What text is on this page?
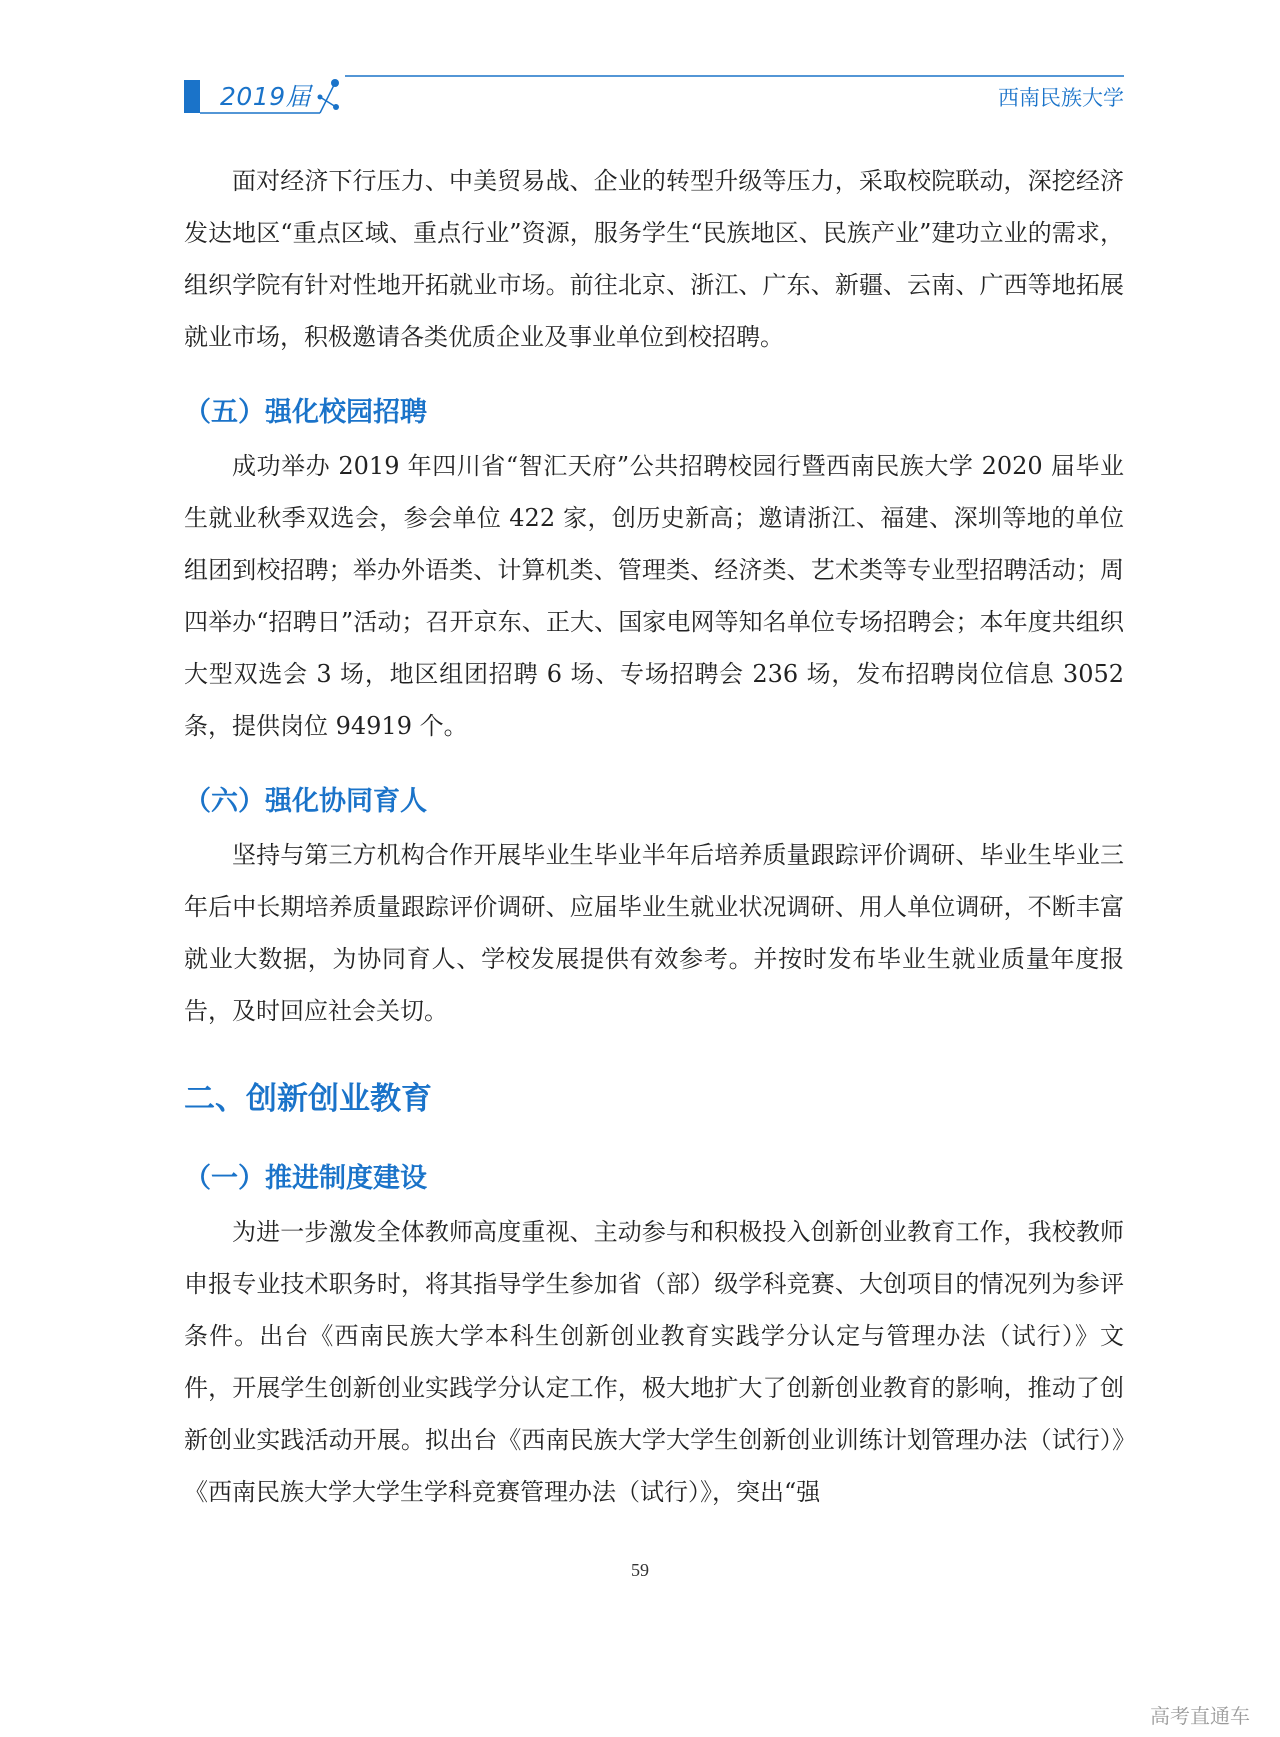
2019届	西南民族大学

面对经济下行压力、中美贸易战、企业的转型升级等压力，采取校院联动，深挖经济发达地区“重点区域、重点行业”资源，服务学生“民族地区、民族产业”建功立业的需求，组织学院有针对性地开拓就业市场。前往北京、浙江、广东、新疆、云南、广西等地拓展就业市场，积极邀请各类优质企业及事业单位到校招聘。

（五）强化校园招聘

成功举办 2019 年四川省“智汇天府”公共招聘校园行暨西南民族大学 2020 届毕业生就业秋季双选会，参会单位 422 家，创历史新高；邀请浙江、福建、深圳等地的单位组团到校招聘；举办外语类、计算机类、管理类、经济类、艺术类等专业型招聘活动；周四举办“招聘日”活动；召开京东、正大、国家电网等知名单位专场招聘会；本年度共组织大型双选会 3 场，地区组团招聘 6 场、专场招聘会 236 场，发布招聘岗位信息 3052 条，提供岗位 94919 个。

（六）强化协同育人

坚持与第三方机构合作开展毕业生毕业半年后培养质量跟踪评价调研、毕业生毕业三年后中长期培养质量跟踪评价调研、应届毕业生就业状况调研、用人单位调研，不断丰富就业大数据，为协同育人、学校发展提供有效参考。并按时发布毕业生就业质量年度报告，及时回应社会关切。

二、创新创业教育
（一）推进制度建设

为进一步激发全体教师高度重视、主动参与和积极投入创新创业教育工作，我校教师申报专业技术职务时，将其指导学生参加省（部）级学科竞赛、大创项目的情况列为参评条件。出台《西南民族大学本科生创新创业教育实践学分认定与管理办法（试行）》文件，开展学生创新创业实践学分认定工作，极大地扩大了创新创业教育的影响，推动了创新创业实践活动开展。拟出台《西南民族大学大学生创新创业训练计划管理办法（试行）》《西南民族大学大学生学科竞赛管理办法（试行）》，突出“强

59
高考直通车
